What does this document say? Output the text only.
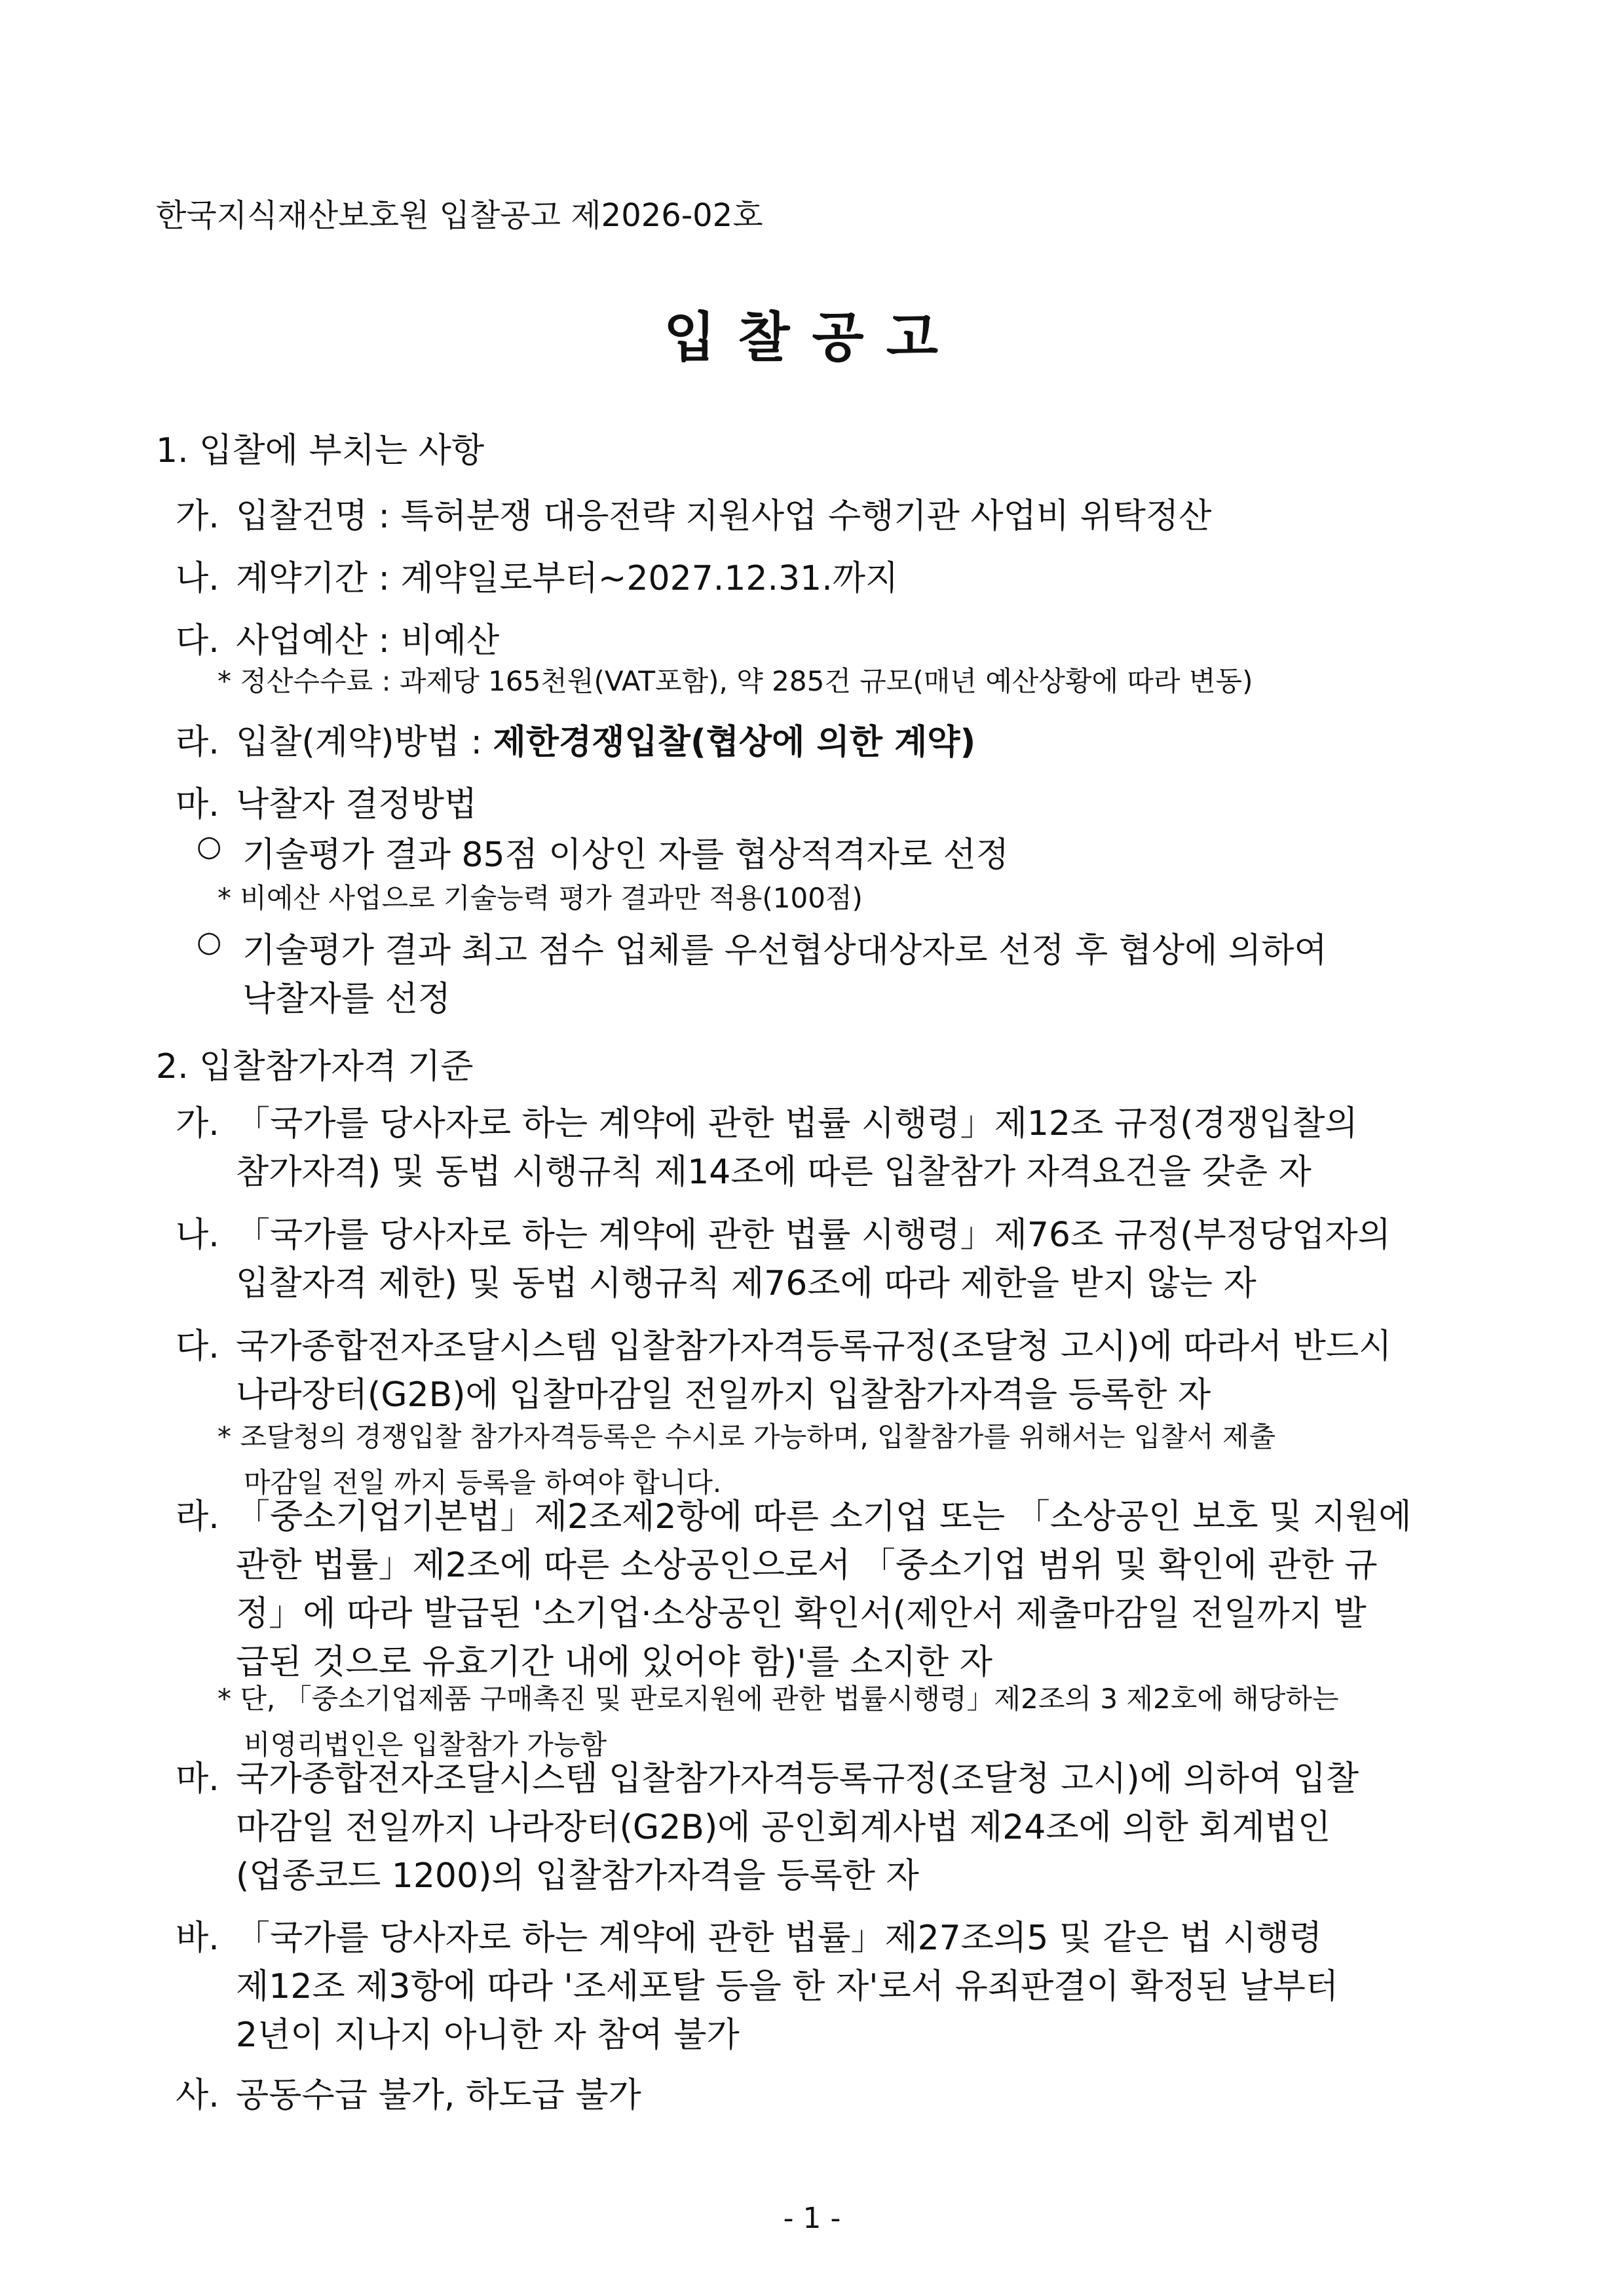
한국지식재산보호원 입찰공고 제2026-02호
입찰공고
1. 입찰에 부치는 사항
가. 입찰건명 : 특허분쟁 대응전략 지원사업 수행기관 사업비 위탁정산
나. 계약기간 : 계약일로부터~2027.12.31.까지
다. 사업예산 : 비예산
* 정산수수료 : 과제당 165천원(VAT포함), 약 285건 규모(매년 예산상황에 따라 변동)
라. 입찰(계약)방법 : 제한경쟁입찰(협상에 의한 계약)
마. 낙찰자 결정방법
○ 기술평가 결과 85점 이상인 자를 협상적격자로 선정
* 비예산 사업으로 기술능력 평가 결과만 적용(100점)
○ 기술평가 결과 최고 점수 업체를 우선협상대상자로 선정 후 협상에 의하여
낙찰자를 선정
2. 입찰참가자격 기준
가. 「국가를 당사자로 하는 계약에 관한 법률 시행령」제12조 규정(경쟁입찰의
참가자격) 및 동법 시행규칙 제14조에 따른 입찰참가 자격요건을 갖춘 자
나. 「국가를 당사자로 하는 계약에 관한 법률 시행령」제76조 규정(부정당업자의
입찰자격 제한) 및 동법 시행규칙 제76조에 따라 제한을 받지 않는 자
다. 국가종합전자조달시스템 입찰참가자격등록규정(조달청 고시)에 따라서 반드시
나라장터(G2B)에 입찰마감일 전일까지 입찰참가자격을 등록한 자
* 조달청의 경쟁입찰 참가자격등록은 수시로 가능하며, 입찰참가를 위해서는 입찰서 제출
마감일 전일 까지 등록을 하여야 합니다.
라. 「중소기업기본법」제2조제2항에 따른 소기업 또는 「소상공인 보호 및 지원에
관한 법률」제2조에 따른 소상공인으로서 「중소기업 범위 및 확인에 관한 규
정」에 따라 발급된 '소기업·소상공인 확인서(제안서 제출마감일 전일까지 발
급된 것으로 유효기간 내에 있어야 함)'를 소지한 자
* 단, 「중소기업제품 구매촉진 및 판로지원에 관한 법률시행령」제2조의 3 제2호에 해당하는
비영리법인은 입찰참가 가능함
마. 국가종합전자조달시스템 입찰참가자격등록규정(조달청 고시)에 의하여 입찰
마감일 전일까지 나라장터(G2B)에 공인회계사법 제24조에 의한 회계법인
(업종코드 1200)의 입찰참가자격을 등록한 자
바. 「국가를 당사자로 하는 계약에 관한 법률」제27조의5 및 같은 법 시행령
제12조 제3항에 따라 '조세포탈 등을 한 자'로서 유죄판결이 확정된 날부터
2년이 지나지 아니한 자 참여 불가
사. 공동수급 불가, 하도급 불가
- 1 -
